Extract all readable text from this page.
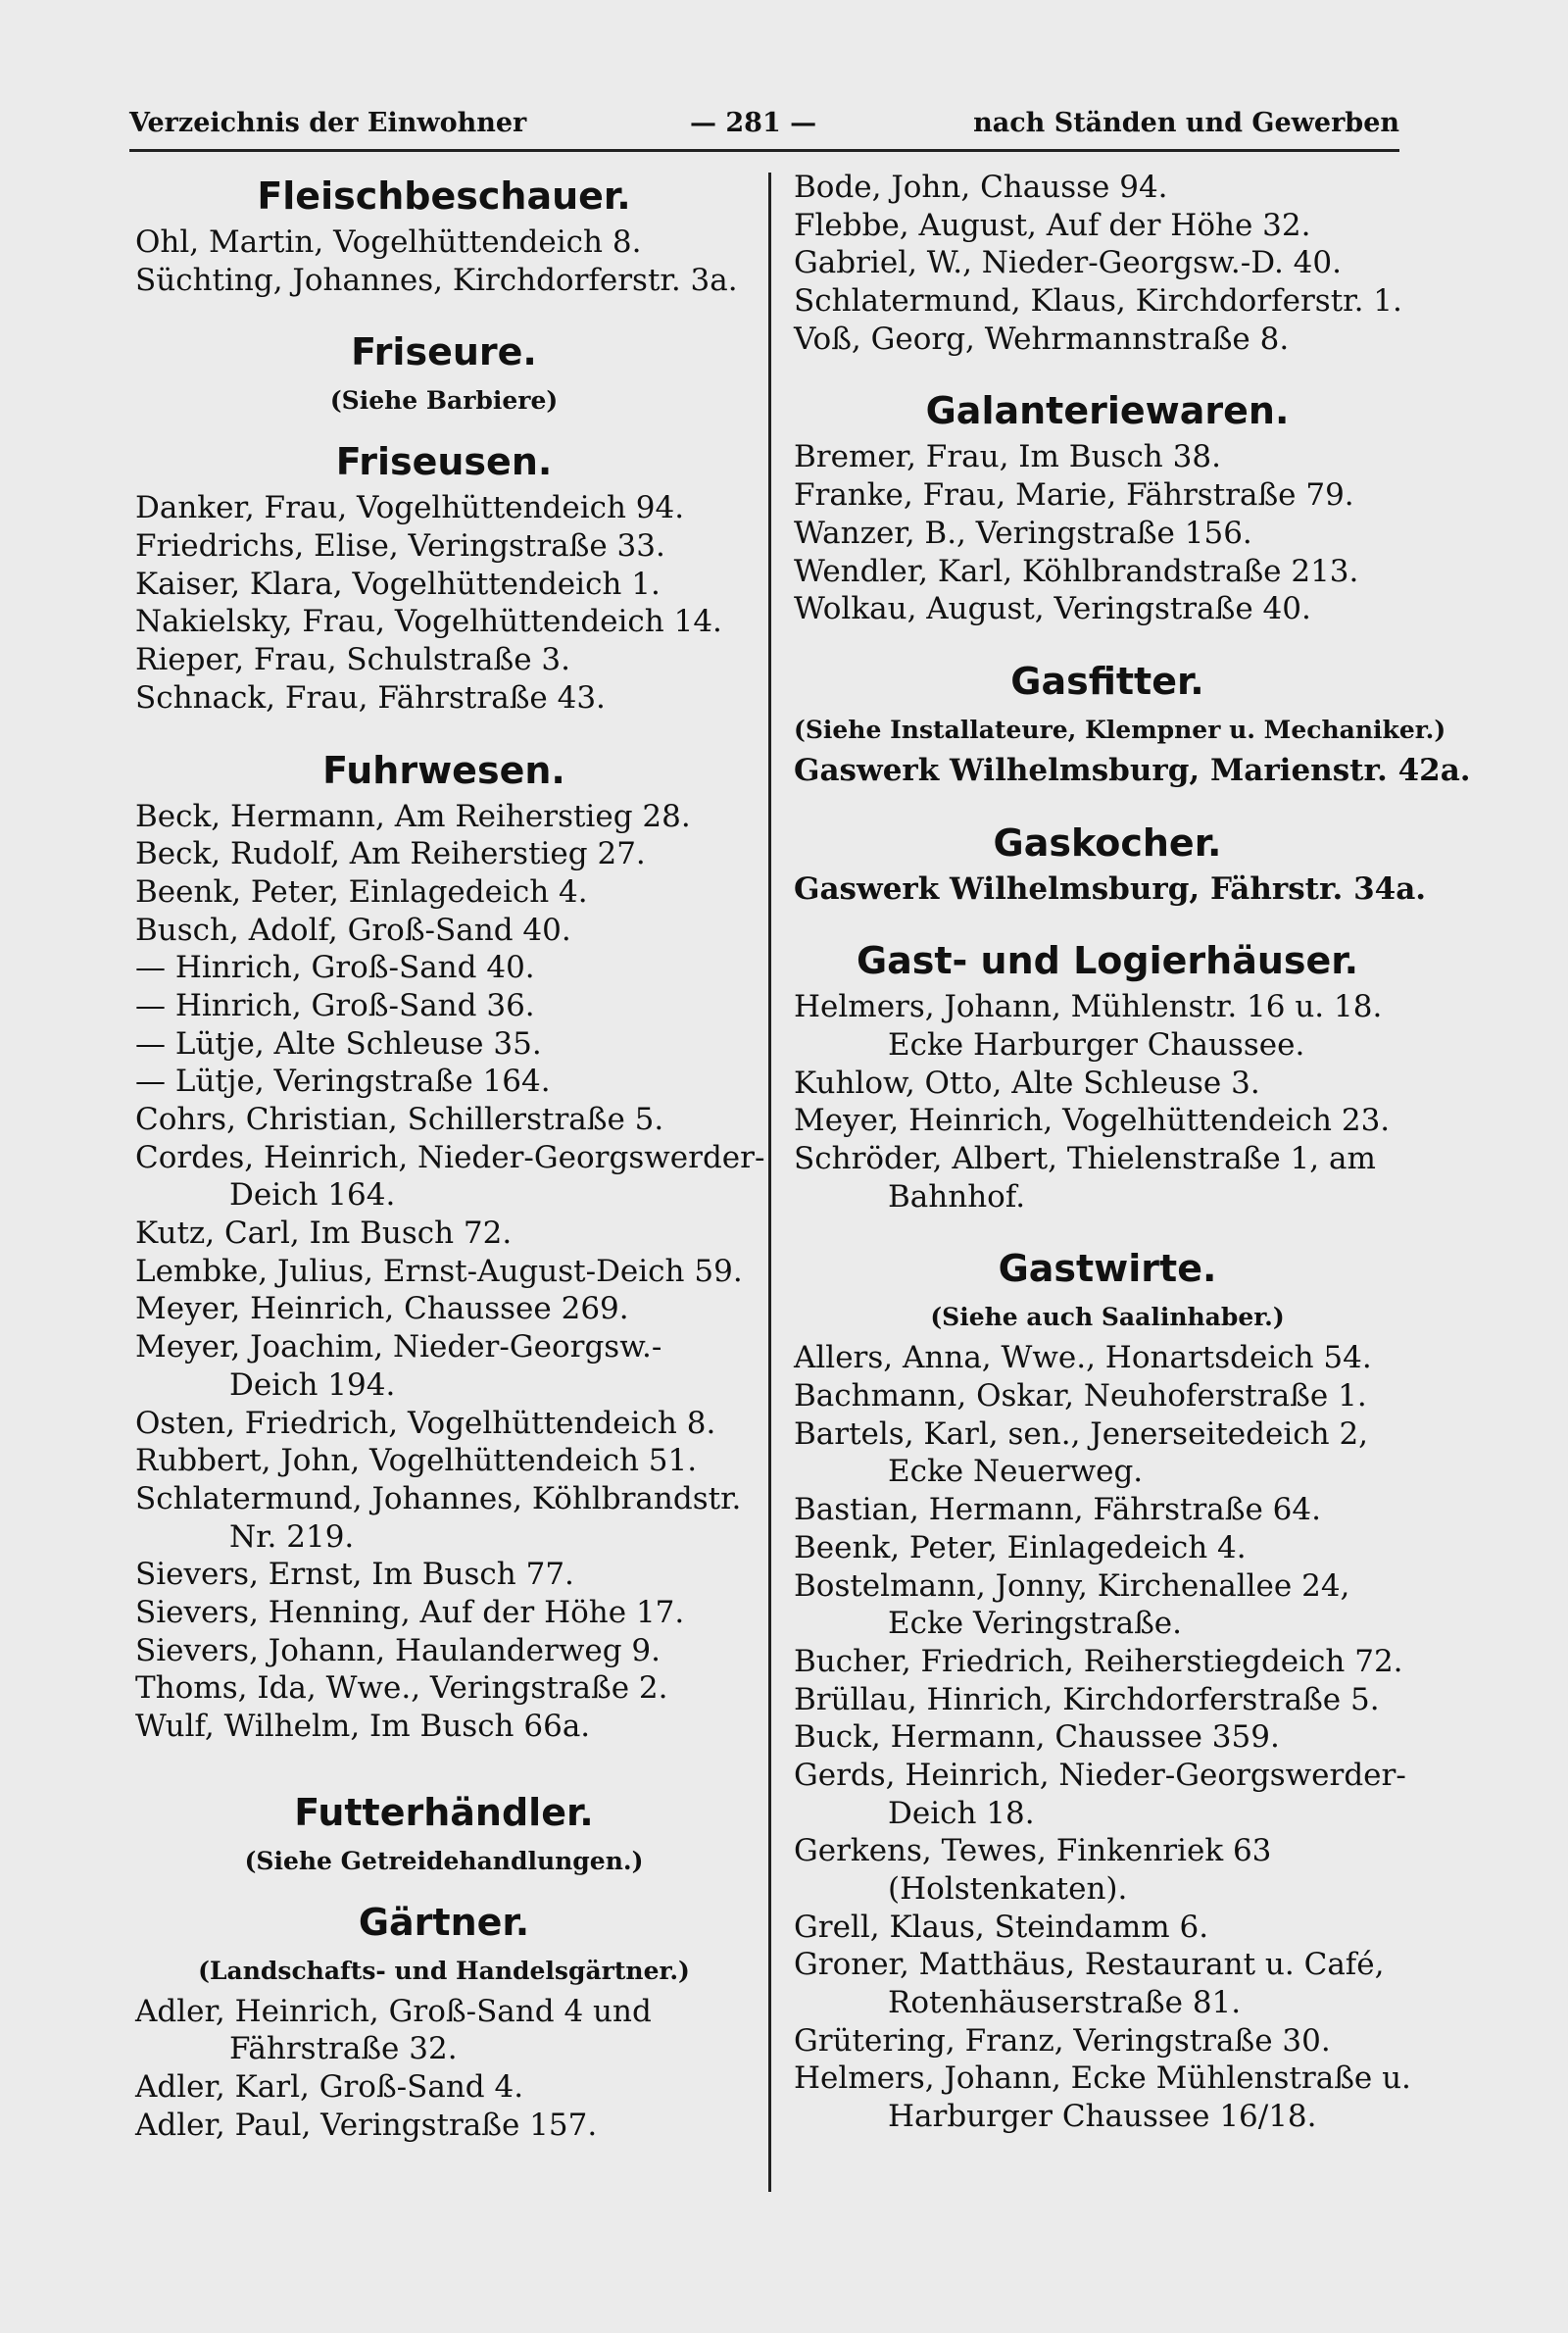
Verzeichnis der Einwohner	— 281 —	nach Ständen und Gewerben
Fleischbeschauer.
Ohl, Martin, Vogelhüttendeich 8.
Süchting, Johannes, Kirchdorferstr. 3a.
Friseure.
(Siehe Barbiere)
Friseusen.
Danker, Frau, Vogelhüttendeich 94.
Friedrichs, Elise, Veringstraße 33.
Kaiser, Klara, Vogelhüttendeich 1.
Nakielsky, Frau, Vogelhüttendeich 14.
Rieper, Frau, Schulstraße 3.
Schnack, Frau, Fährstraße 43.
Fuhrwesen.
Beck, Hermann, Am Reiherstieg 28.
Beck, Rudolf, Am Reiherstieg 27.
Beenk, Peter, Einlagedeich 4.
Busch, Adolf, Groß-Sand 40.
— Hinrich, Groß-Sand 40.
— Hinrich, Groß-Sand 36.
— Lütje, Alte Schleuse 35.
— Lütje, Veringstraße 164.
Cohrs, Christian, Schillerstraße 5.
Cordes, Heinrich, Nieder-Georgswerder-
Deich 164.
Kutz, Carl, Im Busch 72.
Lembke, Julius, Ernst-August-Deich 59.
Meyer, Heinrich, Chaussee 269.
Meyer, Joachim, Nieder-Georgsw.-
Deich 194.
Osten, Friedrich, Vogelhüttendeich 8.
Rubbert, John, Vogelhüttendeich 51.
Schlatermund, Johannes, Köhlbrandstr.
Nr. 219.
Sievers, Ernst, Im Busch 77.
Sievers, Henning, Auf der Höhe 17.
Sievers, Johann, Haulanderweg 9.
Thoms, Ida, Wwe., Veringstraße 2.
Wulf, Wilhelm, Im Busch 66a.
Futterhändler.
(Siehe Getreidehandlungen.)
Gärtner.
(Landschafts- und Handelsgärtner.)
Adler, Heinrich, Groß-Sand 4 und
Fährstraße 32.
Adler, Karl, Groß-Sand 4.
Adler, Paul, Veringstraße 157.
Bode, John, Chausse 94.
Flebbe, August, Auf der Höhe 32.
Gabriel, W., Nieder-Georgsw.-D. 40.
Schlatermund, Klaus, Kirchdorferstr. 1.
Voß, Georg, Wehrmannstraße 8.
Galanteriewaren.
Bremer, Frau, Im Busch 38.
Franke, Frau, Marie, Fährstraße 79.
Wanzer, B., Veringstraße 156.
Wendler, Karl, Köhlbrandstraße 213.
Wolkau, August, Veringstraße 40.
Gasfitter.
(Siehe Installateure, Klempner u. Mechaniker.)
Gaswerk Wilhelmsburg, Marienstr. 42a.
Gaskocher.
Gaswerk Wilhelmsburg, Fährstr. 34a.
Gast- und Logierhäuser.
Helmers, Johann, Mühlenstr. 16 u. 18.
Ecke Harburger Chaussee.
Kuhlow, Otto, Alte Schleuse 3.
Meyer, Heinrich, Vogelhüttendeich 23.
Schröder, Albert, Thielenstraße 1, am
Bahnhof.
Gastwirte.
(Siehe auch Saalinhaber.)
Allers, Anna, Wwe., Honartsdeich 54.
Bachmann, Oskar, Neuhoferstraße 1.
Bartels, Karl, sen., Jenerseitedeich 2,
Ecke Neuerweg.
Bastian, Hermann, Fährstraße 64.
Beenk, Peter, Einlagedeich 4.
Bostelmann, Jonny, Kirchenallee 24,
Ecke Veringstraße.
Bucher, Friedrich, Reiherstiegdeich 72.
Brüllau, Hinrich, Kirchdorferstraße 5.
Buck, Hermann, Chaussee 359.
Gerds, Heinrich, Nieder-Georgswerder-
Deich 18.
Gerkens, Tewes, Finkenriek 63
(Holstenkaten).
Grell, Klaus, Steindamm 6.
Groner, Matthäus, Restaurant u. Café,
Rotenhäuserstraße 81.
Grütering, Franz, Veringstraße 30.
Helmers, Johann, Ecke Mühlenstraße u.
Harburger Chaussee 16/18.
